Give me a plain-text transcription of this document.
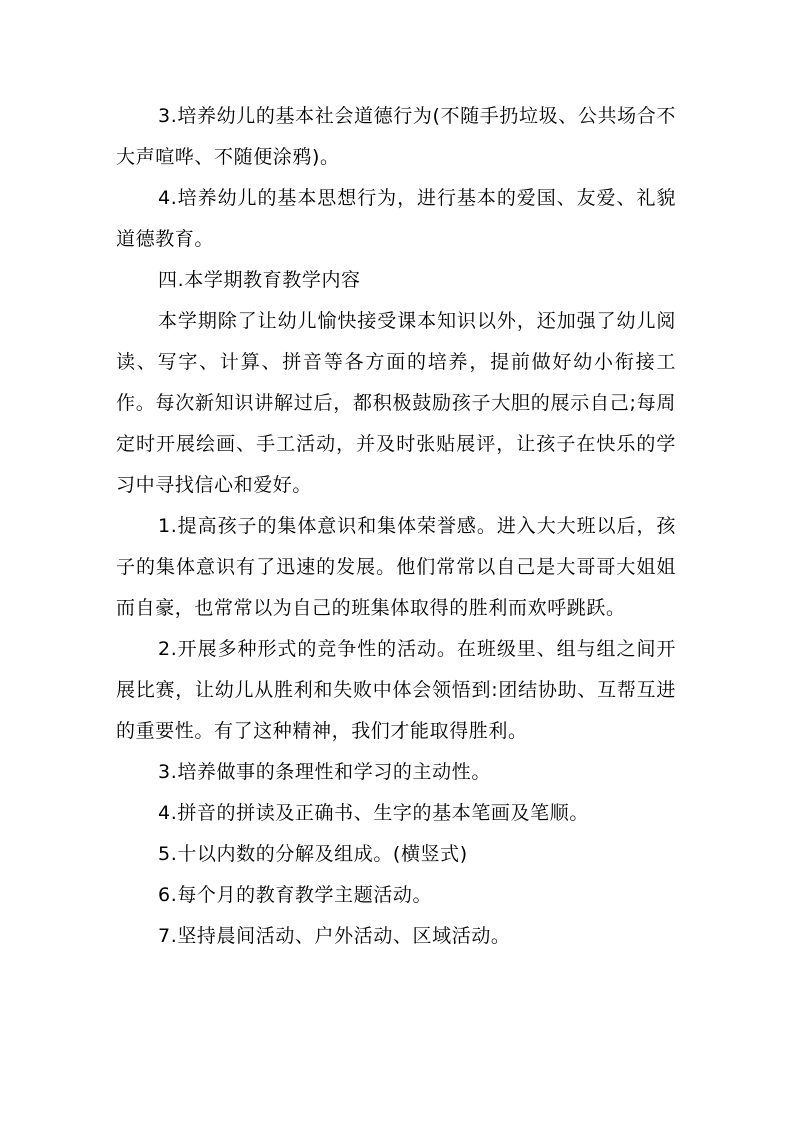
3.培养幼儿的基本社会道德行为(不随手扔垃圾、公共场合不大声喧哗、不随便涂鸦)。

4.培养幼儿的基本思想行为，进行基本的爱国、友爱、礼貌道德教育。

四.本学期教育教学内容

本学期除了让幼儿愉快接受课本知识以外，还加强了幼儿阅读、写字、计算、拼音等各方面的培养，提前做好幼小衔接工作。每次新知识讲解过后，都积极鼓励孩子大胆的展示自己;每周定时开展绘画、手工活动，并及时张贴展评，让孩子在快乐的学习中寻找信心和爱好。

1.提高孩子的集体意识和集体荣誉感。进入大大班以后，孩子的集体意识有了迅速的发展。他们常常以自己是大哥哥大姐姐而自豪，也常常以为自己的班集体取得的胜利而欢呼跳跃。

2.开展多种形式的竞争性的活动。在班级里、组与组之间开展比赛，让幼儿从胜利和失败中体会领悟到:团结协助、互帮互进的重要性。有了这种精神，我们才能取得胜利。

3.培养做事的条理性和学习的主动性。

4.拼音的拼读及正确书、生字的基本笔画及笔顺。

5.十以内数的分解及组成。(横竖式)

6.每个月的教育教学主题活动。

7.坚持晨间活动、户外活动、区域活动。
